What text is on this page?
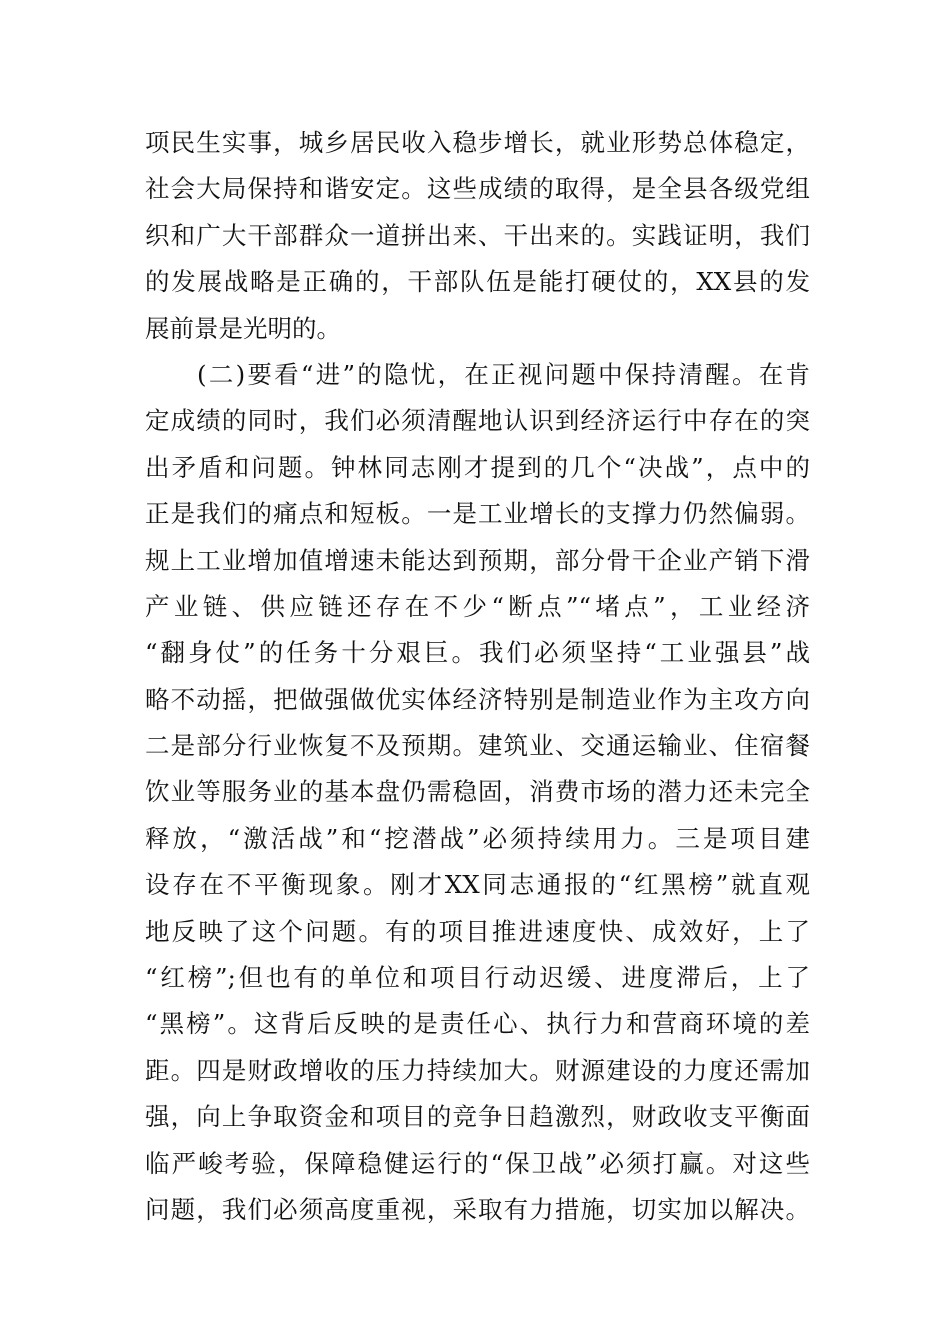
项民生实事，城乡居民收入稳步增长，就业形势总体稳定，
社会大局保持和谐安定。这些成绩的取得，是全县各级党组
织和广大干部群众一道拼出来、干出来的。实践证明，我们
的发展战略是正确的，干部队伍是能打硬仗的，XX县的发
展前景是光明的。
(二)要看“进”的隐忧，在正视问题中保持清醒。在肯
定成绩的同时，我们必须清醒地认识到经济运行中存在的突
出矛盾和问题。钟林同志刚才提到的几个“决战”，点中的
正是我们的痛点和短板。一是工业增长的支撑力仍然偏弱。
规上工业增加值增速未能达到预期，部分骨干企业产销下滑
产业链、供应链还存在不少“断点”“堵点”，工业经济
“翻身仗”的任务十分艰巨。我们必须坚持“工业强县”战
略不动摇，把做强做优实体经济特别是制造业作为主攻方向
二是部分行业恢复不及预期。建筑业、交通运输业、住宿餐
饮业等服务业的基本盘仍需稳固，消费市场的潜力还未完全
释放，“激活战”和“挖潜战”必须持续用力。三是项目建
设存在不平衡现象。刚才XX同志通报的“红黑榜”就直观
地反映了这个问题。有的项目推进速度快、成效好，上了
“红榜”;但也有的单位和项目行动迟缓、进度滞后，上了
“黑榜”。这背后反映的是责任心、执行力和营商环境的差
距。四是财政增收的压力持续加大。财源建设的力度还需加
强，向上争取资金和项目的竞争日趋激烈，财政收支平衡面
临严峻考验，保障稳健运行的“保卫战”必须打赢。对这些
问题，我们必须高度重视，采取有力措施，切实加以解决。
